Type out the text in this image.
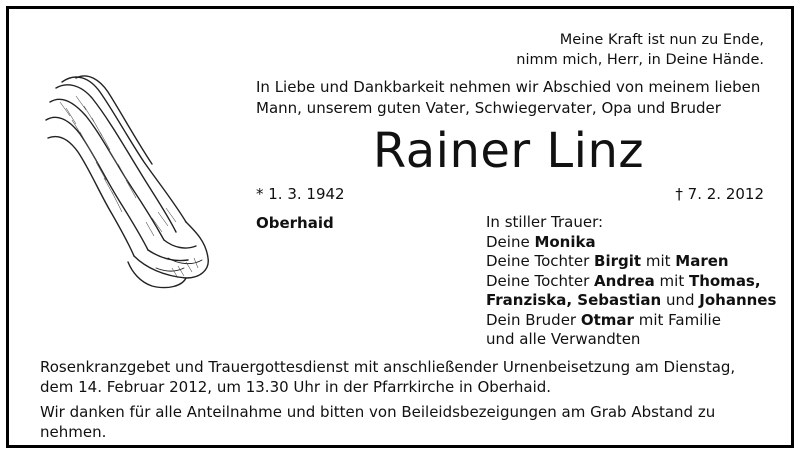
Meine Kraft ist nun zu Ende,
nimm mich, Herr, in Deine Hände.
In Liebe und Dankbarkeit nehmen wir Abschied von meinem lieben
Mann, unserem guten Vater, Schwiegervater, Opa und Bruder
Rainer Linz
* 1. 3. 1942	† 7. 2. 2012
Oberhaid	In stiller Trauer:
Deine Monika
Deine Tochter Birgit mit Maren
Deine Tochter Andrea mit Thomas,
Franziska, Sebastian und Johannes
Dein Bruder Otmar mit Familie
und alle Verwandten
Rosenkranzgebet und Trauergottesdienst mit anschließender Urnenbeisetzung am Dienstag,
dem 14. Februar 2012, um 13.30 Uhr in der Pfarrkirche in Oberhaid.
Wir danken für alle Anteilnahme und bitten von Beileidsbezeigungen am Grab Abstand zu nehmen.
